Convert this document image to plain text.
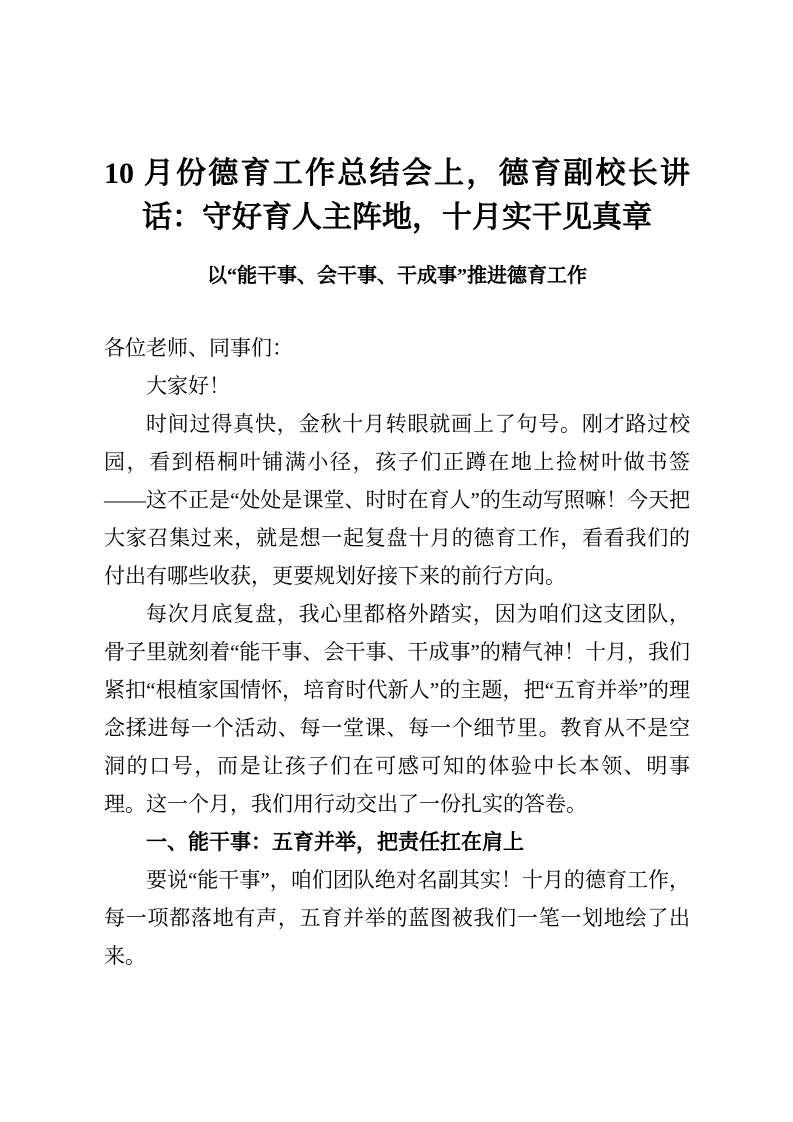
10 月份德育工作总结会上，德育副校长讲话：守好育人主阵地，十月实干见真章
以“能干事、会干事、干成事”推进德育工作

各位老师、同事们：

大家好！

时间过得真快，金秋十月转眼就画上了句号。刚才路过校园，看到梧桐叶铺满小径，孩子们正蹲在地上捡树叶做书签——这不正是“处处是课堂、时时在育人”的生动写照嘛！今天把大家召集过来，就是想一起复盘十月的德育工作，看看我们的付出有哪些收获，更要规划好接下来的前行方向。

每次月底复盘，我心里都格外踏实，因为咱们这支团队，骨子里就刻着“能干事、会干事、干成事”的精气神！十月，我们紧扣“根植家国情怀，培育时代新人”的主题，把“五育并举”的理念揉进每一个活动、每一堂课、每一个细节里。教育从不是空洞的口号，而是让孩子们在可感可知的体验中长本领、明事理。这一个月，我们用行动交出了一份扎实的答卷。

一、能干事：五育并举，把责任扛在肩上

要说“能干事”，咱们团队绝对名副其实！十月的德育工作，每一项都落地有声，五育并举的蓝图被我们一笔一划地绘了出来。
